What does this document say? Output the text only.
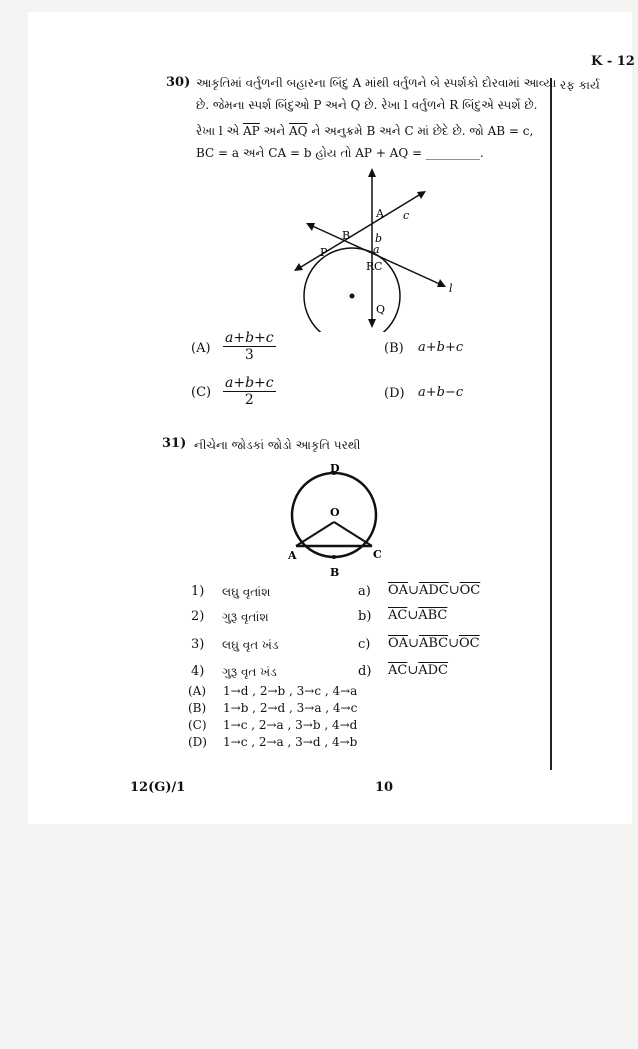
K - 12
રફ કાર્ય
30) આકૃતિમાં વર્તુળની બહારના બિંદુ A માંથી વર્તુળને બે સ્પર્શકો દોરવામાં આવ્યા
છે. જેમના સ્પર્શ બિંદુઓ P અને Q છે. રેખા l વર્તુળને R બિંદુએ સ્પર્શે છે.
રેખા l એ $\overline{AP}$ અને $\overline{AQ}$ ને અનુક્રમે B અને C માં છેદે છે. જો AB = c,
BC = a અને CA = b હોય તો AP + AQ = _________.
c
A
B b
P	a
R C
l
Q
$(A) \frac{a+b+c}{3}$	(B) a+b+c
$(C) \frac{a+b+c}{2}$	(D) a+b−c
31) નીચેના જોડકાં જોડો આકૃતિ પરથી
D
O
A	C
B
1) લઘુ વૃતાંશ	a) $\overline{OA}\cup\overline{ADC}\cup\overline{OC}$
2) ગુરૂ વૃતાંશ	b) $\overline{AC}\cup\overline{ABC}$
3) લઘુ વૃત ખંડ	c) $\overline{OA}\cup\overline{ABC}\cup\overline{OC}$
4) ગુરૂ વૃત ખંડ	d) $\overline{AC}\cup\overline{ADC}$
(A) 1→d , 2→b , 3→c , 4→a
(B) 1→b , 2→d , 3→a , 4→c
(C) 1→c , 2→a , 3→b , 4→d
(D) 1→c , 2→a , 3→d , 4→b
12(G)/1	10
